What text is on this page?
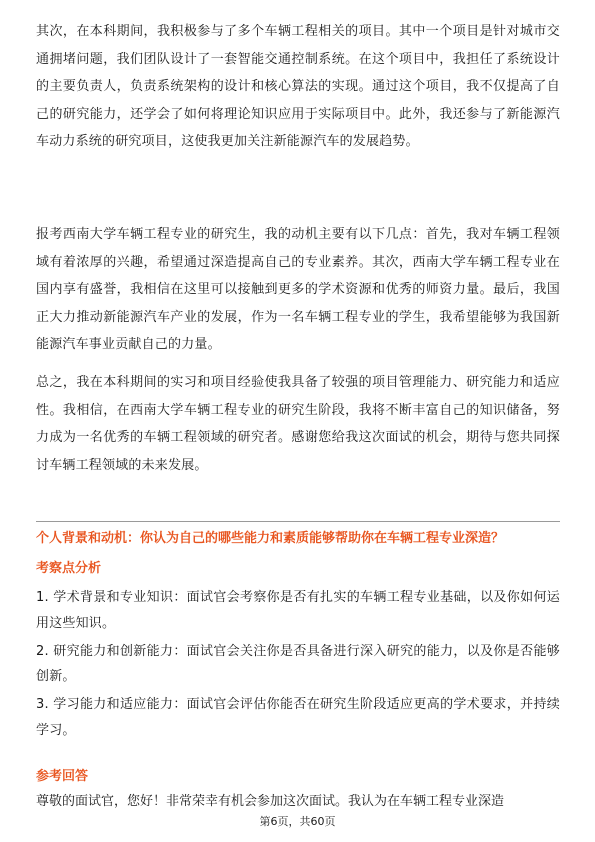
其次，在本科期间，我积极参与了多个车辆工程相关的项目。其中一个项目是针对城市交通拥堵问题，我们团队设计了一套智能交通控制系统。在这个项目中，我担任了系统设计的主要负责人，负责系统架构的设计和核心算法的实现。通过这个项目，我不仅提高了自己的研究能力，还学会了如何将理论知识应用于实际项目中。此外，我还参与了新能源汽车动力系统的研究项目，这使我更加关注新能源汽车的发展趋势。

报考西南大学车辆工程专业的研究生，我的动机主要有以下几点：首先，我对车辆工程领域有着浓厚的兴趣，希望通过深造提高自己的专业素养。其次，西南大学车辆工程专业在国内享有盛誉，我相信在这里可以接触到更多的学术资源和优秀的师资力量。最后，我国正大力推动新能源汽车产业的发展，作为一名车辆工程专业的学生，我希望能够为我国新能源汽车事业贡献自己的力量。

总之，我在本科期间的实习和项目经验使我具备了较强的项目管理能力、研究能力和适应性。我相信，在西南大学车辆工程专业的研究生阶段，我将不断丰富自己的知识储备，努力成为一名优秀的车辆工程领域的研究者。感谢您给我这次面试的机会，期待与您共同探讨车辆工程领域的未来发展。

个人背景和动机：你认为自己的哪些能力和素质能够帮助你在车辆工程专业深造？

考察点分析

1. 学术背景和专业知识：面试官会考察你是否有扎实的车辆工程专业基础，以及你如何运用这些知识。
2. 研究能力和创新能力：面试官会关注你是否具备进行深入研究的能力，以及你是否能够创新。
3. 学习能力和适应能力：面试官会评估你能否在研究生阶段适应更高的学术要求，并持续学习。

参考回答

尊敬的面试官，您好！非常荣幸有机会参加这次面试。我认为在车辆工程专业深造

第6页，共60页
